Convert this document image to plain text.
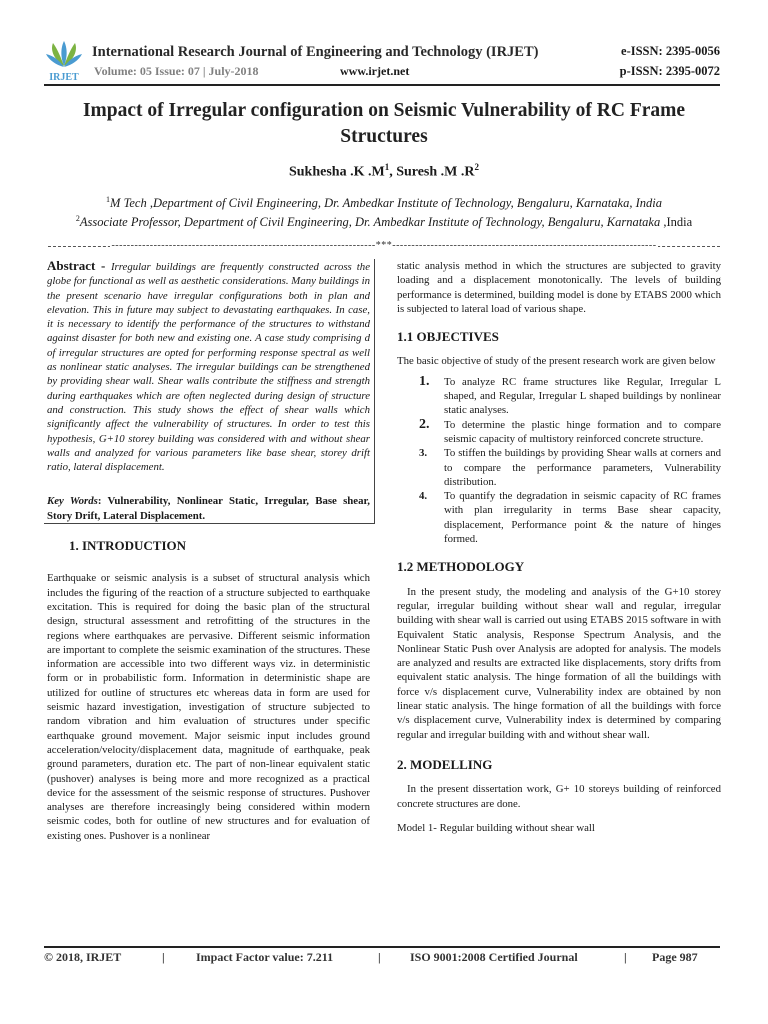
IRJET
International Research Journal of Engineering and Technology (IRJET)	e-ISSN: 2395-0056
Volume: 05 Issue: 07 | July-2018	www.irjet.net	p-ISSN: 2395-0072
Impact of Irregular configuration on Seismic Vulnerability of RC Frame Structures
Sukhesha .K $.M^1$, Suresh .M $.R^2$
$^1$M Tech ,Department of Civil Engineering, Dr. Ambedkar Institute of Technology, Bengaluru, Karnataka, India
$^2$Associate Professor, Department of Civil Engineering, Dr. Ambedkar Institute of Technology, Bengaluru, Karnataka ,India
---------------------------------------------------------------------***---------------------------------------------------------------------

Abstract - Irregular buildings are frequently constructed across the globe for functional as well as aesthetic considerations. Many buildings in the present scenario have irregular configurations both in plan and elevation. This in future may subject to devastating earthquakes. In case, it is necessary to identify the performance of the structures to withstand against disaster for both new and existing one. A case study comprising d of irregular structures are opted for performing response spectral as well as nonlinear static analyses. The irregular buildings can be strengthened by providing shear wall. Shear walls contribute the stiffness and strength during earthquakes which are often neglected during design of structure and construction. This study shows the effect of shear walls which significantly affect the vulnerability of structures. In order to test this hypothesis, G+10 storey building was considered with and without shear walls and analyzed for various parameters like base shear, storey drift ratio, lateral displacement.

Key Words: Vulnerability, Nonlinear Static, Irregular, Base shear, Story Drift, Lateral Displacement.

1. INTRODUCTION

Earthquake or seismic analysis is a subset of structural analysis which includes the figuring of the reaction of a structure subjected to earthquake excitation. This is required for doing the basic plan of the structural design, structural assessment and retrofitting of the structures in the regions where earthquakes are pervasive. Different seismic information are important to complete the seismic examination of the structures. These information are accessible into two different ways viz. in deterministic form or in probabilistic form. Information in deterministic shape are utilized for outline of structures etc whereas data in form are used for seismic hazard investigation, investigation of structure subjected to random vibration and him evaluation of structures under specific earthquake ground movement. Major seismic input includes ground acceleration/velocity/displacement data, magnitude of earthquake, peak ground parameters, duration etc. The part of non-linear equivalent static (pushover) analyses is being more and more recognized as a practical device for the assessment of the seismic response of structures. Pushover analyses are therefore increasingly being considered within modern seismic codes, both for outline of new structures and for evaluation of existing ones. Pushover is a nonlinear

static analysis method in which the structures are subjected to gravity loading and a displacement monotonically. The levels of building performance is determined, building model is done by ETABS 2000 which is subjected to lateral load of various shape.

1.1 OBJECTIVES

The basic objective of study of the present research work are given below

1. To analyze RC frame structures like Regular, Irregular L shaped, and Regular, Irregular L shaped buildings by nonlinear static analyses.
2. To determine the plastic hinge formation and to compare seismic capacity of multistory reinforced concrete structure.
3. To stiffen the buildings by providing Shear walls at corners and to compare the performance parameters, Vulnerability distribution.
4. To quantify the degradation in seismic capacity of RC frames with plan irregularity in terms Base shear capacity, displacement, Performance point & the nature of hinges formed.
1.2 METHODOLOGY

In the present study, the modeling and analysis of the G+10 storey regular, irregular building without shear wall and regular, irregular building with shear wall is carried out using ETABS 2015 software in with Equivalent Static analysis, Response Spectrum Analysis, and the Nonlinear Static Push over Analysis are adopted for analysis. The models are analyzed and results are extracted like displacements, story drifts from equivalent static analysis. The hinge formation of all the buildings with force v/s displacement curve, Vulnerability index are obtained by non linear static analysis. The hinge formation of all the buildings with force v/s displacement curve, Vulnerability index is determined by comparing regular and irregular building with and without shear wall.

2. MODELLING

In the present dissertation work, G+ 10 storeys building of reinforced concrete structures are done.

Model 1- Regular building without shear wall

© 2018, IRJET	|	Impact Factor value: 7.211	| ISO 9001:2008 Certified Journal	| Page 987
